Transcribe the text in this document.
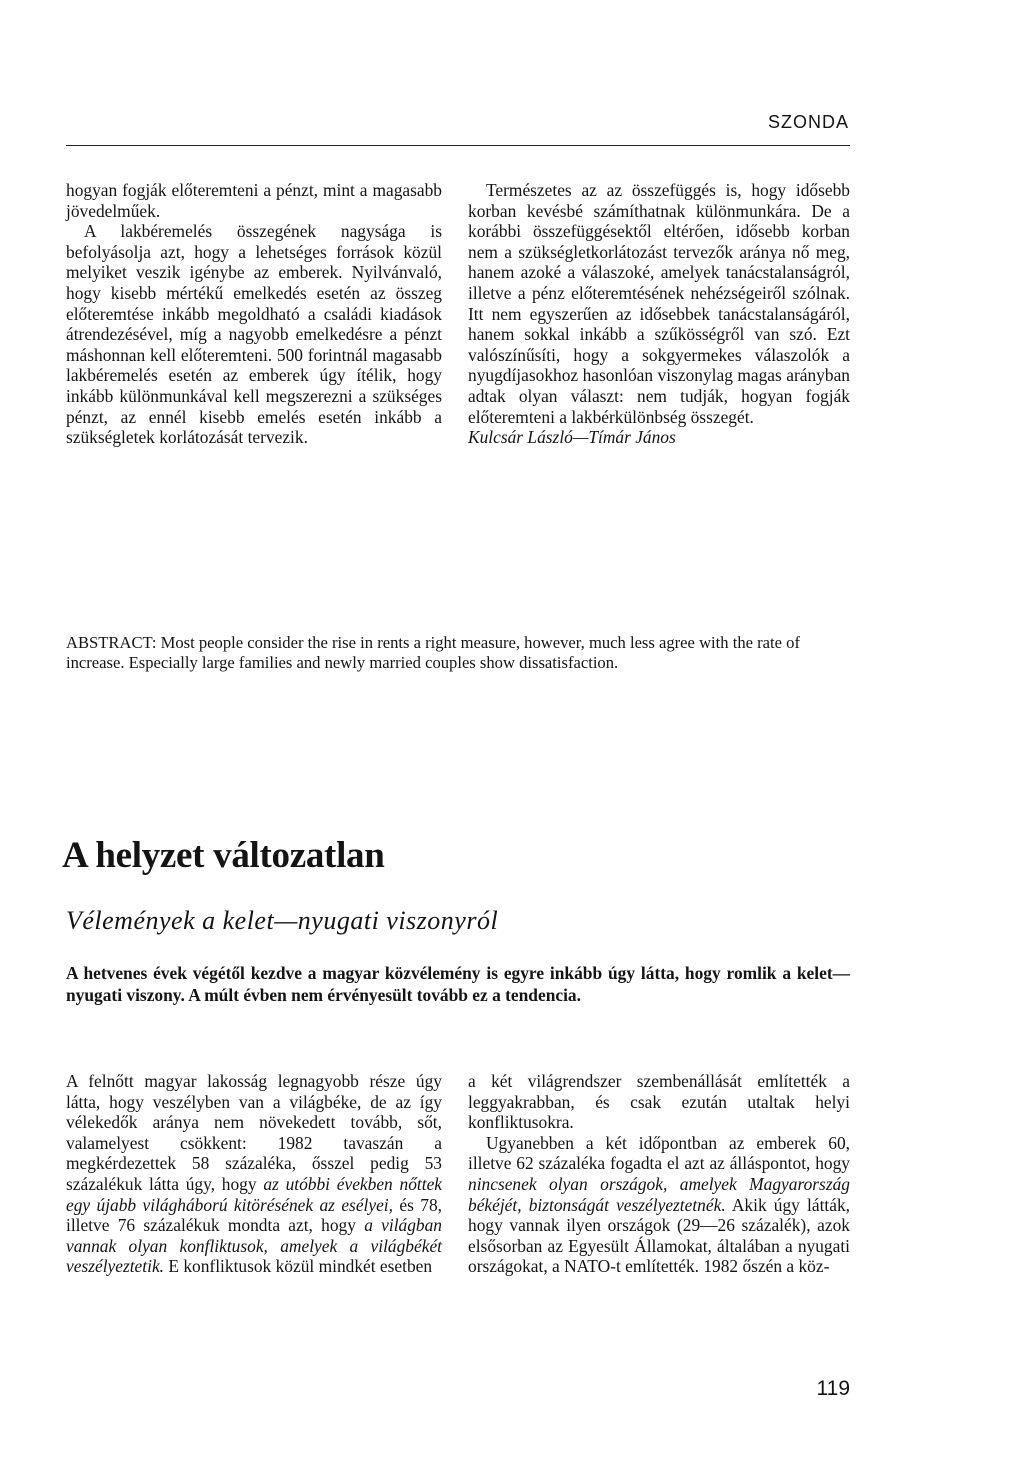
SZONDA

hogyan fogják előteremteni a pénzt, mint a magasabb jövedelműek.

A lakbéremelés összegének nagysága is befolyásolja azt, hogy a lehetséges források közül melyiket veszik igénybe az emberek. Nyilvánvaló, hogy kisebb mértékű emelkedés esetén az összeg előteremtése inkább megoldható a családi kiadások átrendezésével, míg a nagyobb emelkedésre a pénzt máshonnan kell előteremteni. 500 forintnál magasabb lakbéremelés esetén az emberek úgy ítélik, hogy inkább különmunkával kell megszerezni a szükséges pénzt, az ennél kisebb emelés esetén inkább a szükségletek korlátozását tervezik.

Természetes az az összefüggés is, hogy idősebb korban kevésbé számíthatnak különmunkára. De a korábbi összefüggésektől eltérően, idősebb korban nem a szükségletkorlátozást tervezők aránya nő meg, hanem azoké a válaszoké, amelyek tanácstalanságról, illetve a pénz előteremtésének nehézségeiről szólnak. Itt nem egyszerűen az idősebbek tanácstalanságáról, hanem sokkal inkább a szűkösségről van szó. Ezt valószínűsíti, hogy a sokgyermekes válaszolók a nyugdíjasokhoz hasonlóan viszonylag magas arányban adtak olyan választ: nem tudják, hogyan fogják előteremteni a lakbérkülönbség összegét.

Kulcsár László—Tímár János

ABSTRACT: Most people consider the rise in rents a right measure, however, much less agree with the rate of increase. Especially large families and newly married couples show dissatisfaction.

A helyzet változatlan
Vélemények a kelet—nyugati viszonyról

A hetvenes évek végétől kezdve a magyar közvélemény is egyre inkább úgy látta, hogy romlik a kelet—nyugati viszony. A múlt évben nem érvényesült tovább ez a tendencia.

A felnőtt magyar lakosság legnagyobb része úgy látta, hogy veszélyben van a világbéke, de az így vélekedők aránya nem növekedett tovább, sőt, valamelyest csökkent: 1982 tavaszán a megkérdezettek 58 százaléka, ősszel pedig 53 százalékuk látta úgy, hogy az utóbbi években nőttek egy újabb világháború kitörésének az esélyei, és 78, illetve 76 százalékuk mondta azt, hogy a világban vannak olyan konfliktusok, amelyek a világbékét veszélyeztetik. E konfliktusok közül mindkét esetben

a két világrendszer szembenállását említették a leggyakrabban, és csak ezután utaltak helyi konfliktusokra.

Ugyanebben a két időpontban az emberek 60, illetve 62 százaléka fogadta el azt az álláspontot, hogy nincsenek olyan országok, amelyek Magyarország békéjét, biztonságát veszélyeztetnék. Akik úgy látták, hogy vannak ilyen országok (29—26 százalék), azok elsősorban az Egyesült Államokat, általában a nyugati országokat, a NATO-t említették. 1982 őszén a köz-

119
